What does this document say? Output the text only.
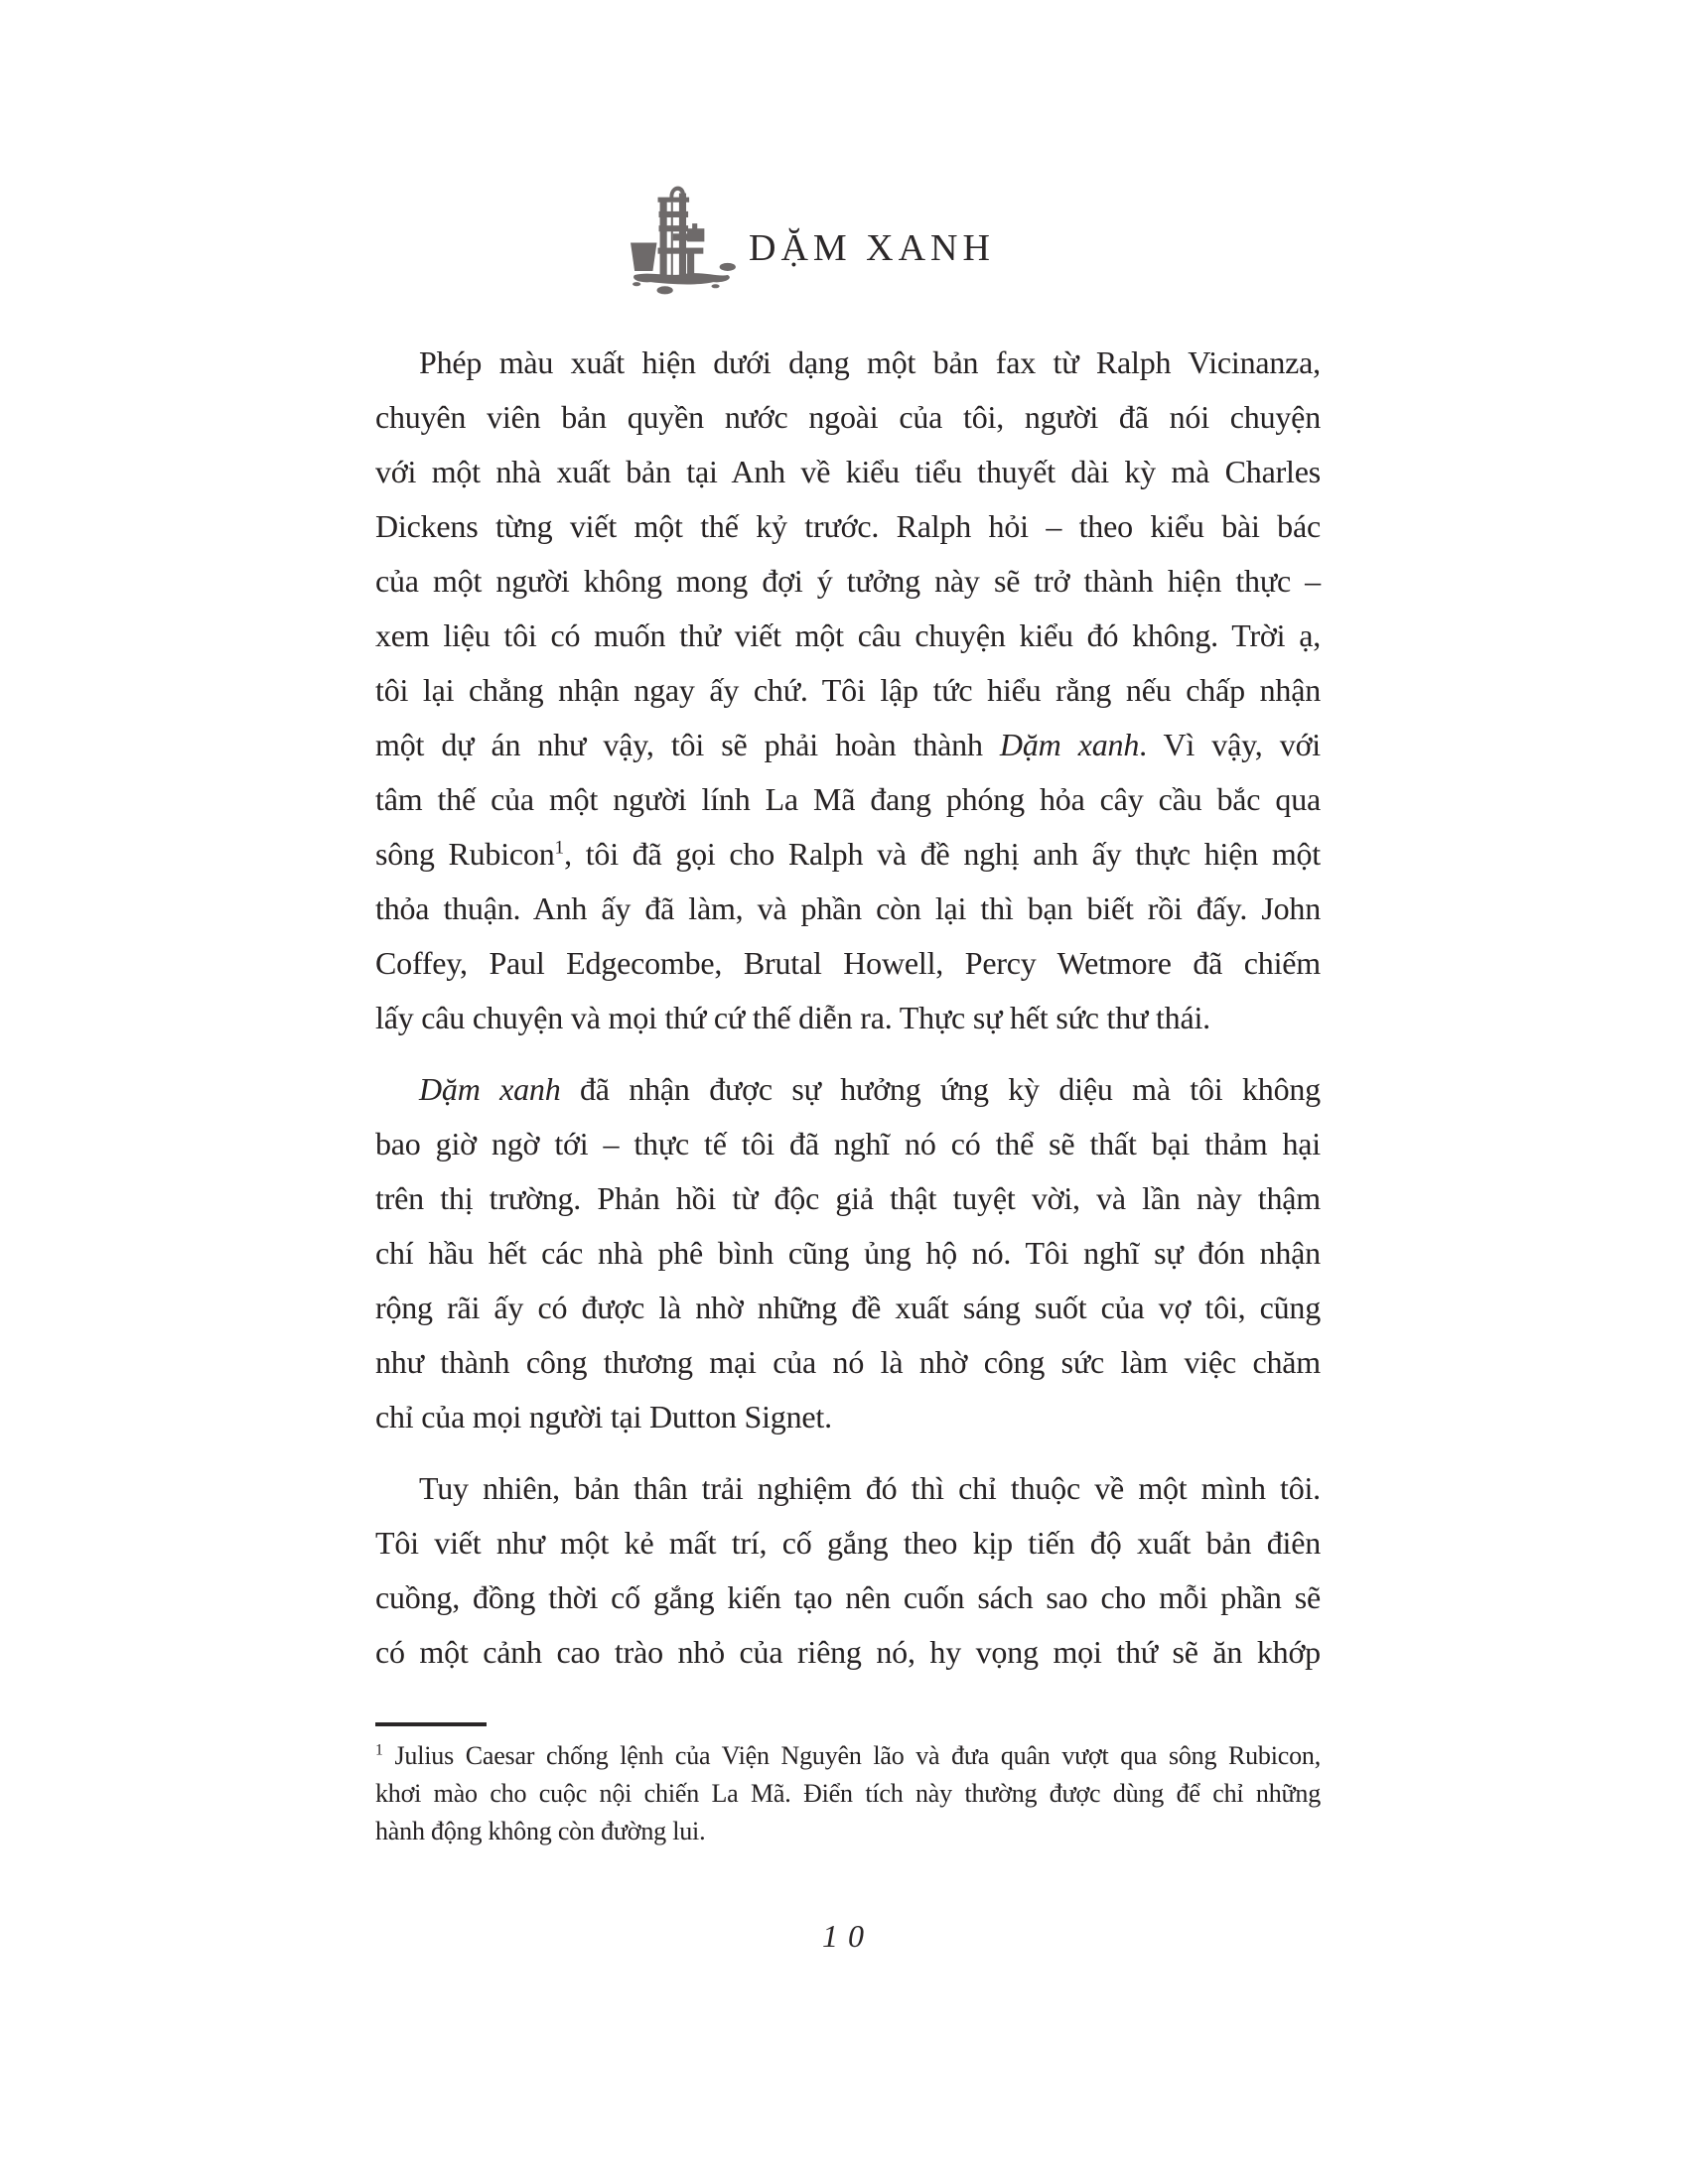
DẶM XANH
Phép màu xuất hiện dưới dạng một bản fax từ Ralph Vicinanza,
chuyên viên bản quyền nước ngoài của tôi, người đã nói chuyện
với một nhà xuất bản tại Anh về kiểu tiểu thuyết dài kỳ mà Charles
Dickens từng viết một thế kỷ trước. Ralph hỏi – theo kiểu bài bác
của một người không mong đợi ý tưởng này sẽ trở thành hiện thực –
xem liệu tôi có muốn thử viết một câu chuyện kiểu đó không. Trời ạ,
tôi lại chẳng nhận ngay ấy chứ. Tôi lập tức hiểu rằng nếu chấp nhận
một dự án như vậy, tôi sẽ phải hoàn thành Dặm xanh. Vì vậy, với
tâm thế của một người lính La Mã đang phóng hỏa cây cầu bắc qua
sông Rubicon$^1$, tôi đã gọi cho Ralph và đề nghị anh ấy thực hiện một
thỏa thuận. Anh ấy đã làm, và phần còn lại thì bạn biết rồi đấy. John
Coffey, Paul Edgecombe, Brutal Howell, Percy Wetmore đã chiếm
lấy câu chuyện và mọi thứ cứ thế diễn ra. Thực sự hết sức thư thái.
Dặm xanh đã nhận được sự hưởng ứng kỳ diệu mà tôi không
bao giờ ngờ tới – thực tế tôi đã nghĩ nó có thể sẽ thất bại thảm hại
trên thị trường. Phản hồi từ độc giả thật tuyệt vời, và lần này thậm
chí hầu hết các nhà phê bình cũng ủng hộ nó. Tôi nghĩ sự đón nhận
rộng rãi ấy có được là nhờ những đề xuất sáng suốt của vợ tôi, cũng
như thành công thương mại của nó là nhờ công sức làm việc chăm
chỉ của mọi người tại Dutton Signet.
Tuy nhiên, bản thân trải nghiệm đó thì chỉ thuộc về một mình tôi.
Tôi viết như một kẻ mất trí, cố gắng theo kịp tiến độ xuất bản điên
cuồng, đồng thời cố gắng kiến tạo nên cuốn sách sao cho mỗi phần sẽ
có một cảnh cao trào nhỏ của riêng nó, hy vọng mọi thứ sẽ ăn khớp
$^1$ Julius Caesar chống lệnh của Viện Nguyên lão và đưa quân vượt qua sông Rubicon,
khơi mào cho cuộc nội chiến La Mã. Điển tích này thường được dùng để chỉ những
hành động không còn đường lui.
10
